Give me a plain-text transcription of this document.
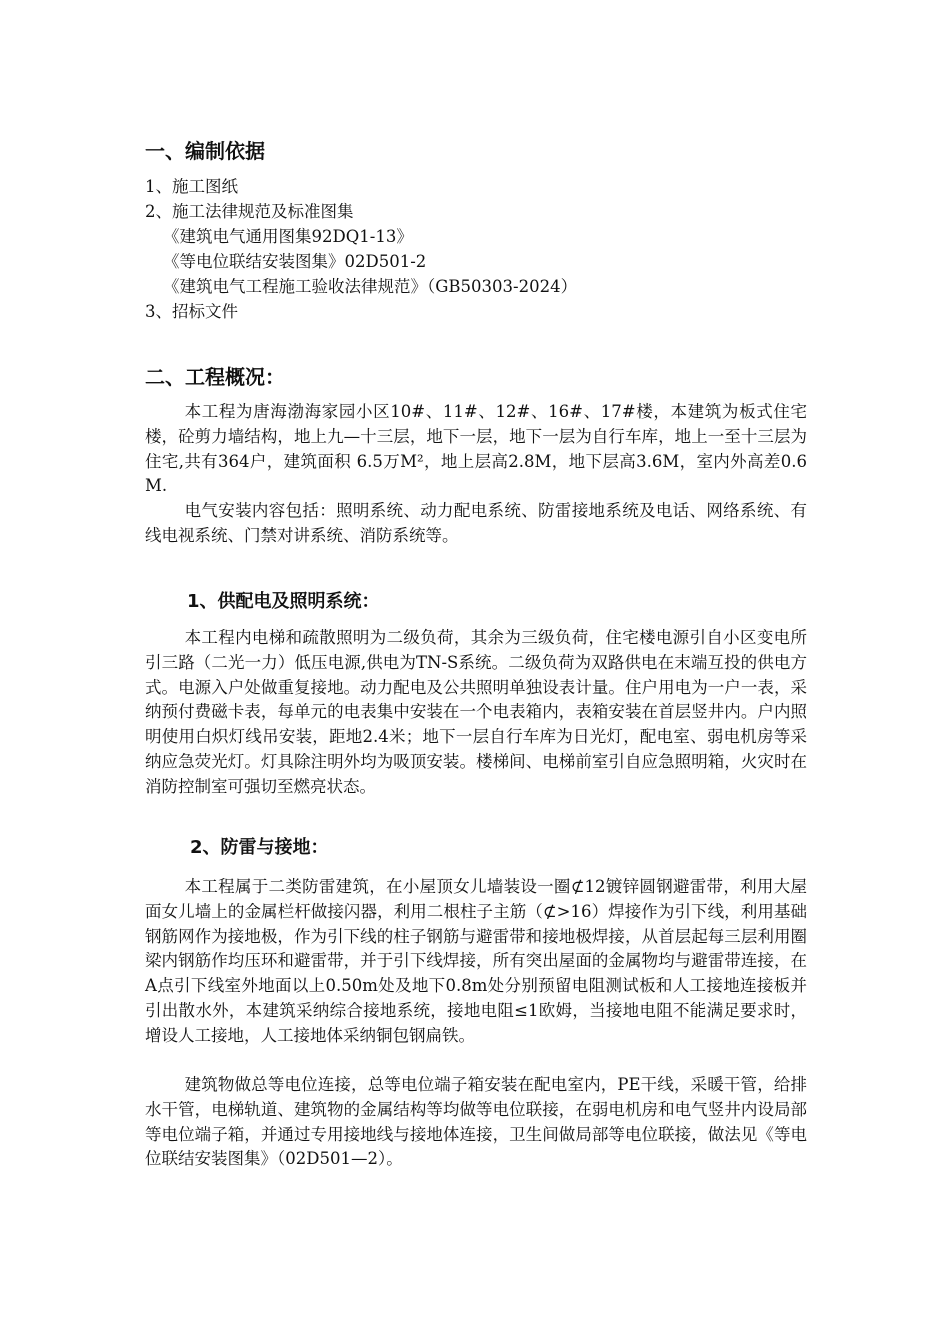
一、编制依据
1、施工图纸
2、施工法律规范及标准图集
《建筑电气通用图集92DQ1-13》
《等电位联结安装图集》02D501-2
《建筑电气工程施工验收法律规范》（GB50303-2024）
3、招标文件
二、工程概况：
本工程为唐海渤海家园小区10#、11#、12#、16#、17#楼，本建筑为板式住宅楼，砼剪力墙结构，地上九—十三层，地下一层，地下一层为自行车库，地上一至十三层为住宅,共有364户，建筑面积 6.5万M²，地上层高2.8M，地下层高3.6M，室内外高差0.6M.
电气安装内容包括：照明系统、动力配电系统、防雷接地系统及电话、网络系统、有线电视系统、门禁对讲系统、消防系统等。
1、供配电及照明系统：
本工程内电梯和疏散照明为二级负荷，其余为三级负荷，住宅楼电源引自小区变电所引三路（二光一力）低压电源,供电为TN-S系统。二级负荷为双路供电在末端互投的供电方式。电源入户处做重复接地。动力配电及公共照明单独设表计量。住户用电为一户一表，采纳预付费磁卡表，每单元的电表集中安装在一个电表箱内，表箱安装在首层竖井内。户内照明使用白炽灯线吊安装，距地2.4米；地下一层自行车库为日光灯，配电室、弱电机房等采纳应急荧光灯。灯具除注明外均为吸顶安装。楼梯间、电梯前室引自应急照明箱，火灾时在消防控制室可强切至燃亮状态。
2、防雷与接地：
本工程属于二类防雷建筑，在小屋顶女儿墙装设一圈⊄12镀锌圆钢避雷带，利用大屋面女儿墙上的金属栏杆做接闪器，利用二根柱子主筋（⊄>16）焊接作为引下线，利用基础钢筋网作为接地极，作为引下线的柱子钢筋与避雷带和接地极焊接，从首层起每三层利用圈梁内钢筋作均压环和避雷带，并于引下线焊接，所有突出屋面的金属物均与避雷带连接，在A点引下线室外地面以上0.50m处及地下0.8m处分别预留电阻测试板和人工接地连接板并引出散水外，本建筑采纳综合接地系统，接地电阻≤1欧姆，当接地电阻不能满足要求时，增设人工接地，人工接地体采纳铜包钢扁铁。
建筑物做总等电位连接，总等电位端子箱安装在配电室内，PE干线，采暖干管，给排水干管，电梯轨道、建筑物的金属结构等均做等电位联接，在弱电机房和电气竖井内设局部等电位端子箱，并通过专用接地线与接地体连接，卫生间做局部等电位联接，做法见《等电位联结安装图集》（02D501—2）。
